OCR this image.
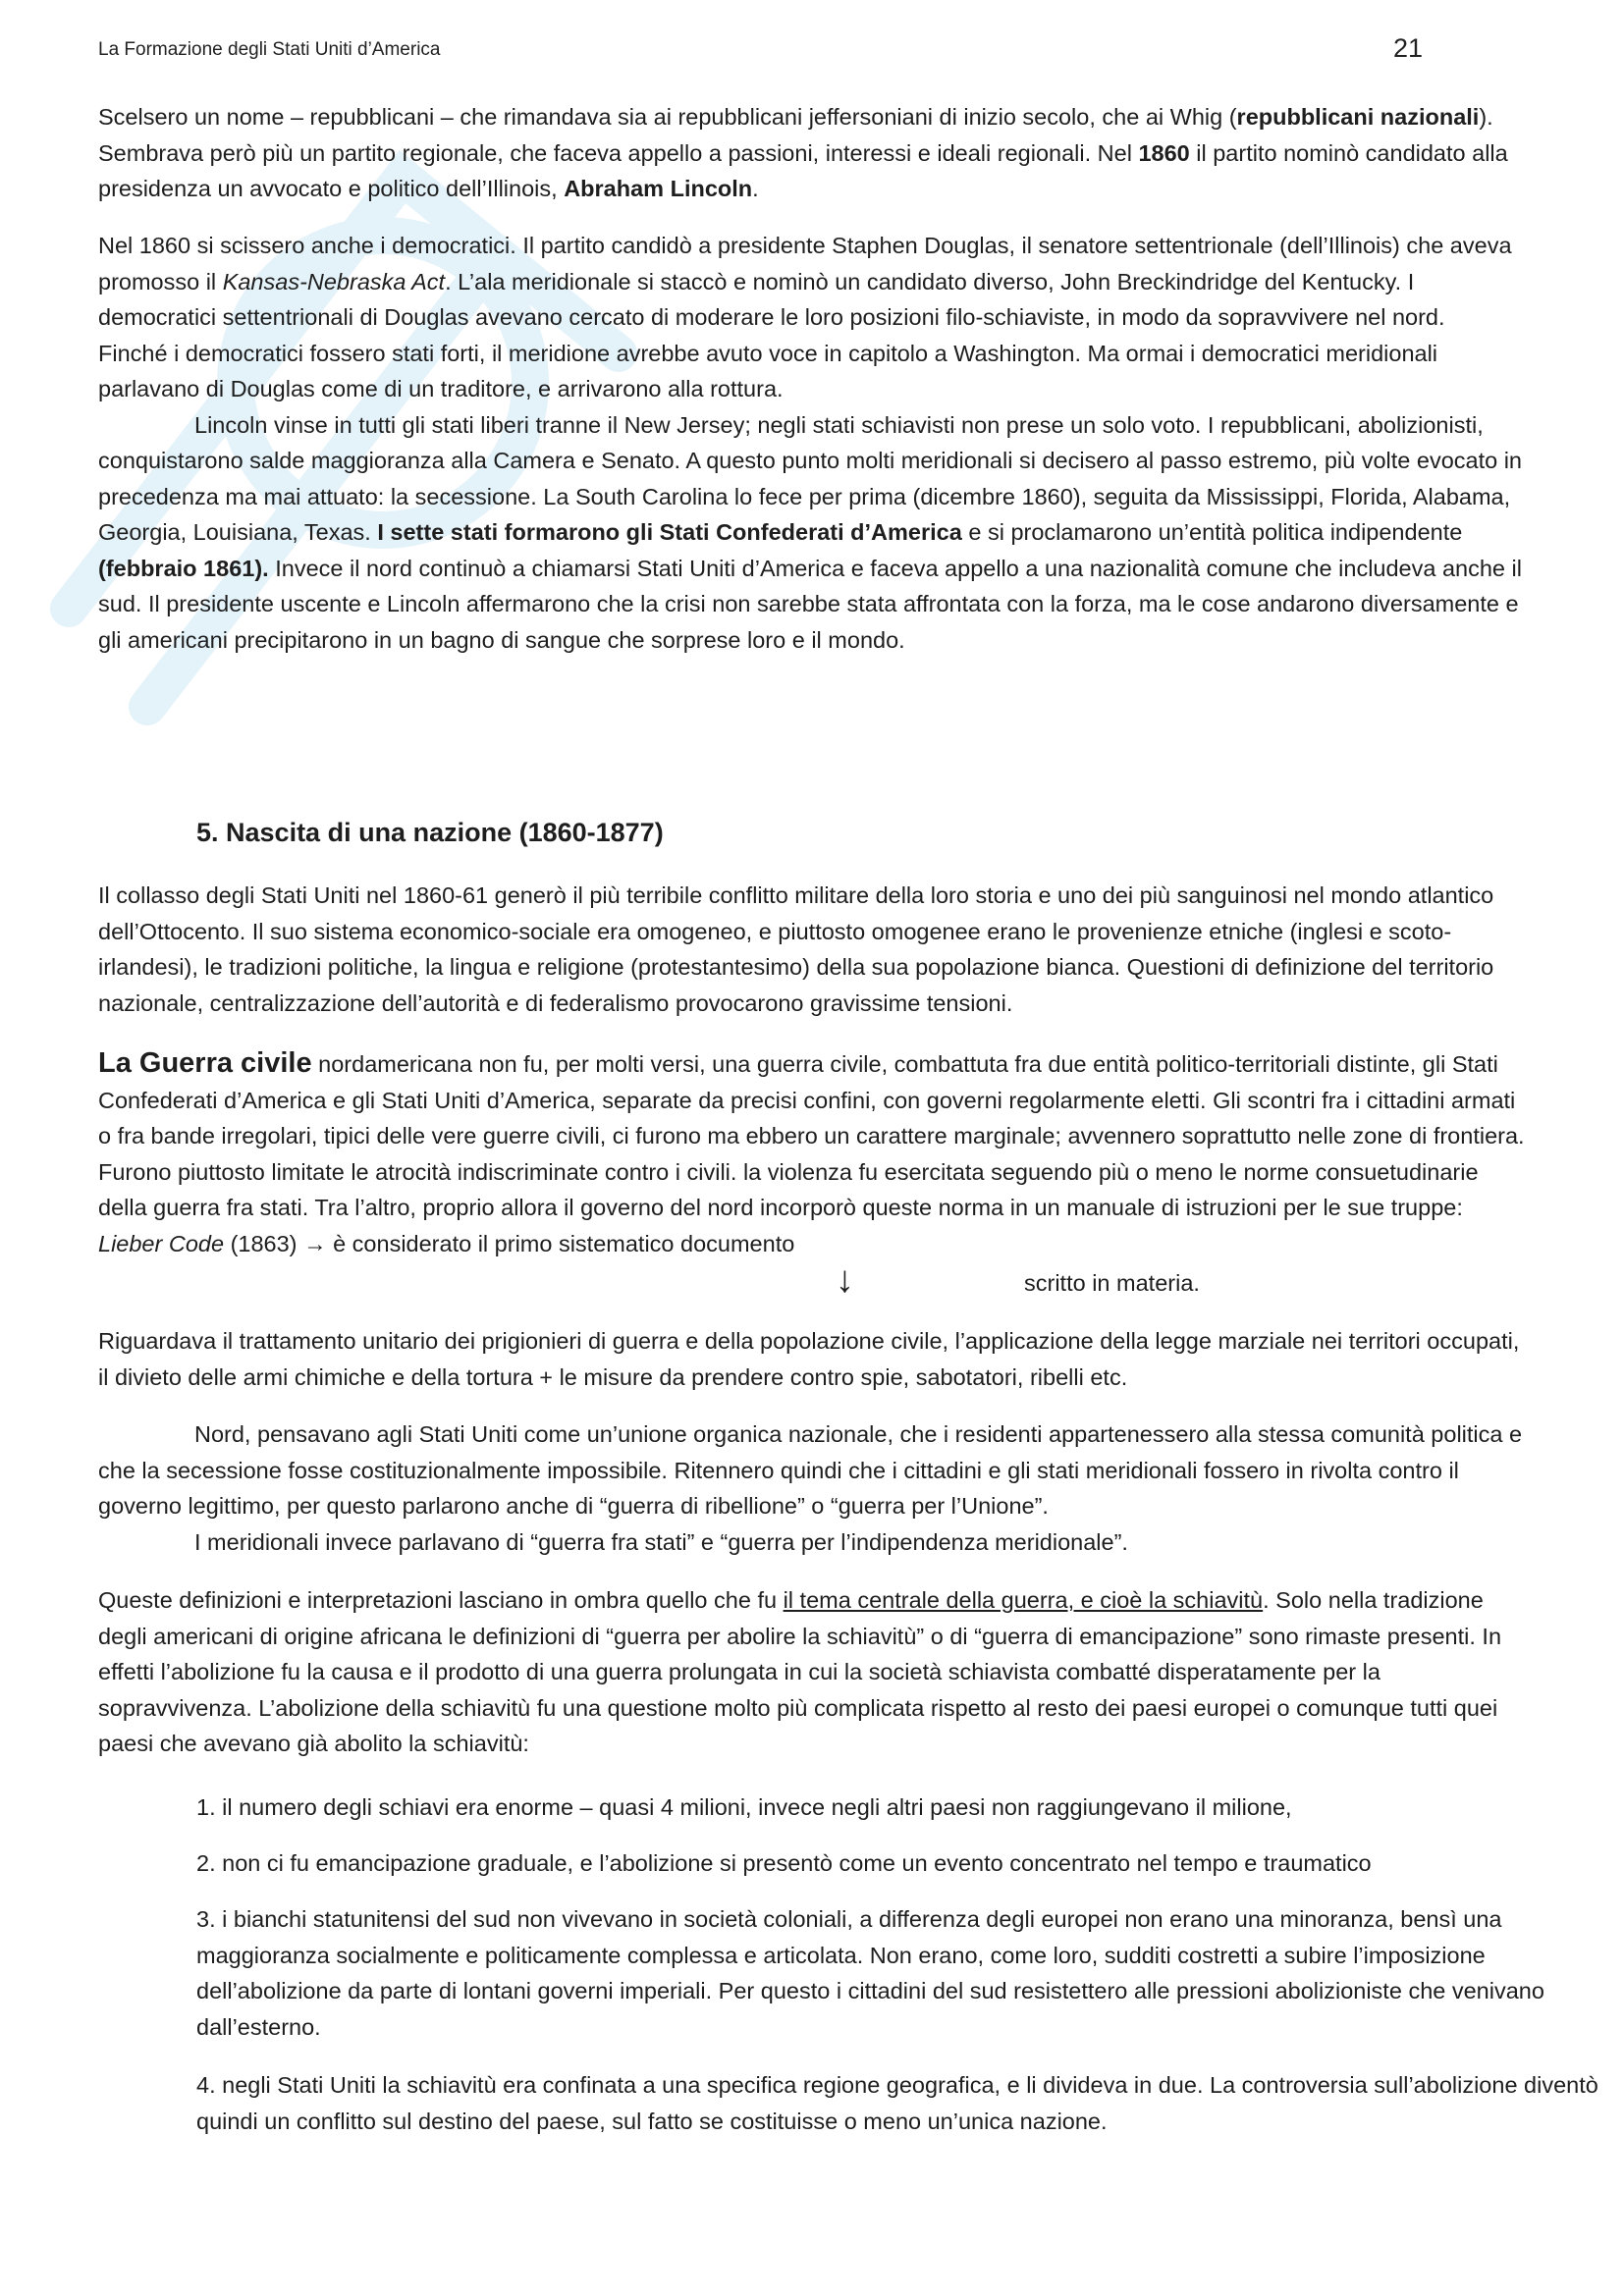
La Formazione degli Stati Uniti d’America	21

Scelsero un nome – repubblicani – che rimandava sia ai repubblicani jeffersoniani di inizio secolo, che ai Whig (repubblicani nazionali). Sembrava però più un partito regionale, che faceva appello a passioni, interessi e ideali regionali. Nel 1860 il partito nominò candidato alla presidenza un avvocato e politico dell’Illinois, Abraham Lincoln.

Nel 1860 si scissero anche i democratici. Il partito candidò a presidente Staphen Douglas, il senatore settentrionale (dell’Illinois) che aveva promosso il Kansas-Nebraska Act. L’ala meridionale si staccò e nominò un candidato diverso, John Breckindridge del Kentucky. I democratici settentrionali di Douglas avevano cercato di moderare le loro posizioni filo-schiaviste, in modo da sopravvivere nel nord.

Finché i democratici fossero stati forti, il meridione avrebbe avuto voce in capitolo a Washington. Ma ormai i democratici meridionali parlavano di Douglas come di un traditore, e arrivarono alla rottura.

Lincoln vinse in tutti gli stati liberi tranne il New Jersey; negli stati schiavisti non prese un solo voto. I repubblicani, abolizionisti, conquistarono salde maggioranza alla Camera e Senato. A questo punto molti meridionali si decisero al passo estremo, più volte evocato in precedenza ma mai attuato: la secessione. La South Carolina lo fece per prima (dicembre 1860), seguita da Mississippi, Florida, Alabama, Georgia, Louisiana, Texas. I sette stati formarono gli Stati Confederati d’America e si proclamarono un’entità politica indipendente (febbraio 1861). Invece il nord continuò a chiamarsi Stati Uniti d’America e faceva appello a una nazionalità comune che includeva anche il sud. Il presidente uscente e Lincoln affermarono che la crisi non sarebbe stata affrontata con la forza, ma le cose andarono diversamente e gli americani precipitarono in un bagno di sangue che sorprese loro e il mondo.

5. Nascita di una nazione (1860-1877)

Il collasso degli Stati Uniti nel 1860-61 generò il più terribile conflitto militare della loro storia e uno dei più sanguinosi nel mondo atlantico dell’Ottocento. Il suo sistema economico-sociale era omogeneo, e piuttosto omogenee erano le provenienze etniche (inglesi e scoto-irlandesi), le tradizioni politiche, la lingua e religione (protestantesimo) della sua popolazione bianca. Questioni di definizione del territorio nazionale, centralizzazione dell’autorità e di federalismo provocarono gravissime tensioni.

La Guerra civile nordamericana non fu, per molti versi, una guerra civile, combattuta fra due entità politico-territoriali distinte, gli Stati Confederati d’America e gli Stati Uniti d’America, separate da precisi confini, con governi regolarmente eletti. Gli scontri fra i cittadini armati o fra bande irregolari, tipici delle vere guerre civili, ci furono ma ebbero un carattere marginale; avvennero soprattutto nelle zone di frontiera. Furono piuttosto limitate le atrocità indiscriminate contro i civili. la violenza fu esercitata seguendo più o meno le norme consuetudinarie della guerra fra stati. Tra l’altro, proprio allora il governo del nord incorporò queste norma in un manuale di istruzioni per le sue truppe: Lieber Code (1863) → è considerato il primo sistematico documento

scritto in materia.
↓

Riguardava il trattamento unitario dei prigionieri di guerra e della popolazione civile, l’applicazione della legge marziale nei territori occupati, il divieto delle armi chimiche e della tortura + le misure da prendere contro spie, sabotatori, ribelli etc.

Nord, pensavano agli Stati Uniti come un’unione organica nazionale, che i residenti appartenessero alla stessa comunità politica e che la secessione fosse costituzionalmente impossibile. Ritennero quindi che i cittadini e gli stati meridionali fossero in rivolta contro il governo legittimo, per questo parlarono anche di “guerra di ribellione” o “guerra per l’Unione”.

I meridionali invece parlavano di “guerra fra stati” e “guerra per l’indipendenza meridionale”.

Queste definizioni e interpretazioni lasciano in ombra quello che fu il tema centrale della guerra, e cioè la schiavitù. Solo nella tradizione degli americani di origine africana le definizioni di “guerra per abolire la schiavitù” o di “guerra di emancipazione” sono rimaste presenti. In effetti l’abolizione fu la causa e il prodotto di una guerra prolungata in cui la società schiavista combatté disperatamente per la sopravvivenza. L’abolizione della schiavitù fu una questione molto più complicata rispetto al resto dei paesi europei o comunque tutti quei paesi che avevano già abolito la schiavitù:

1. il numero degli schiavi era enorme – quasi 4 milioni, invece negli altri paesi non raggiungevano il milione,
2. non ci fu emancipazione graduale, e l’abolizione si presentò come un evento concentrato nel tempo e traumatico
3. i bianchi statunitensi del sud non vivevano in società coloniali, a differenza degli europei non erano una minoranza, bensì una maggioranza socialmente e politicamente complessa e articolata. Non erano, come loro, sudditi costretti a subire l’imposizione dell’abolizione da parte di lontani governi imperiali. Per questo i cittadini del sud resistettero alle pressioni abolizioniste che venivano dall’esterno.
4. negli Stati Uniti la schiavitù era confinata a una specifica regione geografica, e li divideva in due. La controversia sull’abolizione diventò quindi un conflitto sul destino del paese, sul fatto se costituisse o meno un’unica nazione.
